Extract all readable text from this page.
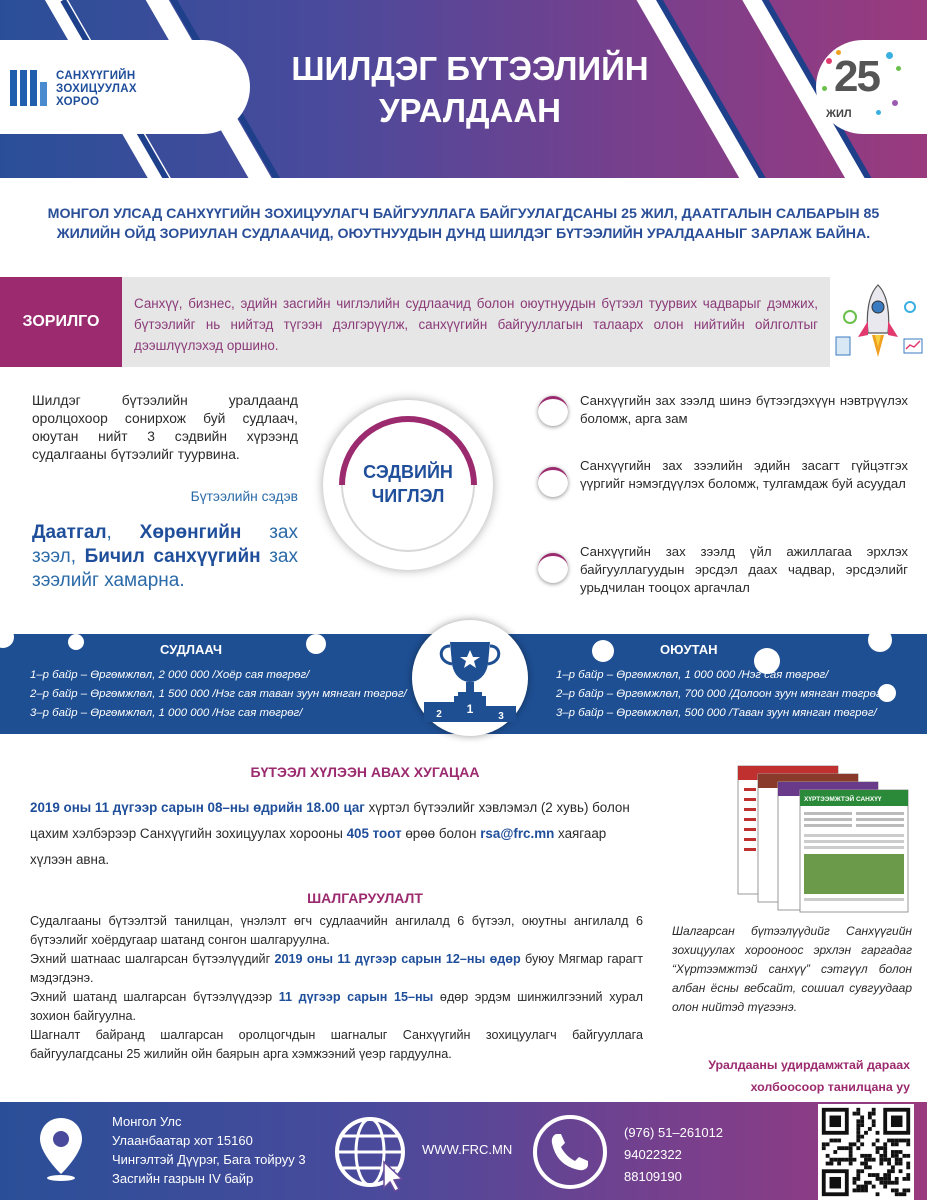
САНХҮҮГИЙН
ЗОХИЦУУЛАХ
ХОРОО
ШИЛДЭГ БҮТЭЭЛИЙН
УРАЛДААН
25
ЖИЛ
МОНГОЛ УЛСАД САНХҮҮГИЙН ЗОХИЦУУЛАГЧ БАЙГУУЛЛАГА БАЙГУУЛАГДСАНЫ 25 ЖИЛ, ДААТГАЛЫН САЛБАРЫН 85 ЖИЛИЙН ОЙД ЗОРИУЛАН СУДЛААЧИД, ОЮУТНУУДЫН ДУНД ШИЛДЭГ БҮТЭЭЛИЙН УРАЛДААНЫГ ЗАРЛАЖ БАЙНА.
ЗОРИЛГО
Санхүү, бизнес, эдийн засгийн чиглэлийн судлаачид болон оюутнуудын бүтээл туурвих чадварыг дэмжих, бүтээлийг нь нийтэд түгээн дэлгэрүүлж, санхүүгийн байгууллагын талаарх олон нийтийн ойлголтыг дээшлүүлэхэд оршино.
Шилдэг бүтээлийн уралдаанд оролцохоор сонирхож буй судлаач, оюутан нийт 3 сэдвийн хүрээнд судалгааны бүтээлийг туурвина.
Бүтээлийн сэдэв
Даатгал, Хөрөнгийн зах зээл, Бичил санхүүгийн зах зээлийг хамарна.
СЭДВИЙН
ЧИГЛЭЛ
Санхүүгийн зах зээлд шинэ бүтээгдэхүүн нэвтрүүлэх боломж, арга зам
Санхүүгийн зах зээлийн эдийн засагт гүйцэтгэх үүргийг нэмэгдүүлэх боломж, тулгамдаж буй асуудал
Санхүүгийн зах зээлд үйл ажиллагаа эрхлэх байгууллагуудын эрсдэл даах чадвар, эрсдэлийг урьдчилан тооцох аргачлал
СУДЛААЧ	ОЮУТАН
1–р байр – Өргөмжлөл, 2 000 000 /Хоёр сая төгрөг/
2–р байр – Өргөмжлөл, 1 500 000 /Нэг сая таван зуун мянган төгрөг/
3–р байр – Өргөмжлөл, 1 000 000 /Нэг сая төгрөг/
1–р байр – Өргөмжлөл, 1 000 000 /Нэг сая төгрөг/
2–р байр – Өргөмжлөл, 700 000 /Долоон зуун мянган төгрөг/
3–р байр – Өргөмжлөл, 500 000 /Таван зуун мянган төгрөг/
2 1
3
БҮТЭЭЛ ХҮЛЭЭН АВАХ ХУГАЦАА
2019 оны 11 дүгээр сарын 08–ны өдрийн 18.00 цаг хүртэл бүтээлийг хэвлэмэл (2 хувь) болон цахим хэлбэрээр Санхүүгийн зохицуулах хорооны 405 тоот өрөө болон rsa@frc.mn хаягаар хүлээн авна.
ШАЛГАРУУЛАЛТ

Судалгааны бүтээлтэй танилцан, үнэлэлт өгч судлаачийн ангилалд 6 бүтээл, оюутны ангилалд 6 бүтээлийг хоёрдугаар шатанд сонгон шалгаруулна.

Эхний шатнаас шалгарсан бүтээлүүдийг 2019 оны 11 дүгээр сарын 12–ны өдөр буюу Мягмар гарагт мэдэгдэнэ.

Эхний шатанд шалгарсан бүтээлүүдээр 11 дүгээр сарын 15–ны өдөр эрдэм шинжилгээний хурал зохион байгуулна.

Шагналт байранд шалгарсан оролцогчдын шагналыг Санхүүгийн зохицуулагч байгууллага байгуулагдсаны 25 жилийн ойн баярын арга хэмжээний үеэр гардуулна.

ХҮРТЭЭМЖТЭЙ САНХҮҮ
Шалгарсан бүтээлүүдийг Санхүүгийн зохицуулах хорооноос эрхлэн гаргадаг “Хүртээмжтэй санхүү” сэтгүүл болон албан ёсны вебсайт, сошиал сувгуудаар олон нийтэд түгээнэ.
Уралдааны удирдамжтай дараах
холбоосоор танилцана уу
Монгол Улс
Улаанбаатар хот 15160
Чингэлтэй Дүүрэг, Бага тойруу 3
Засгийн газрын IV байр
WWW.FRC.MN
(976) 51–261012
94022322
88109190
